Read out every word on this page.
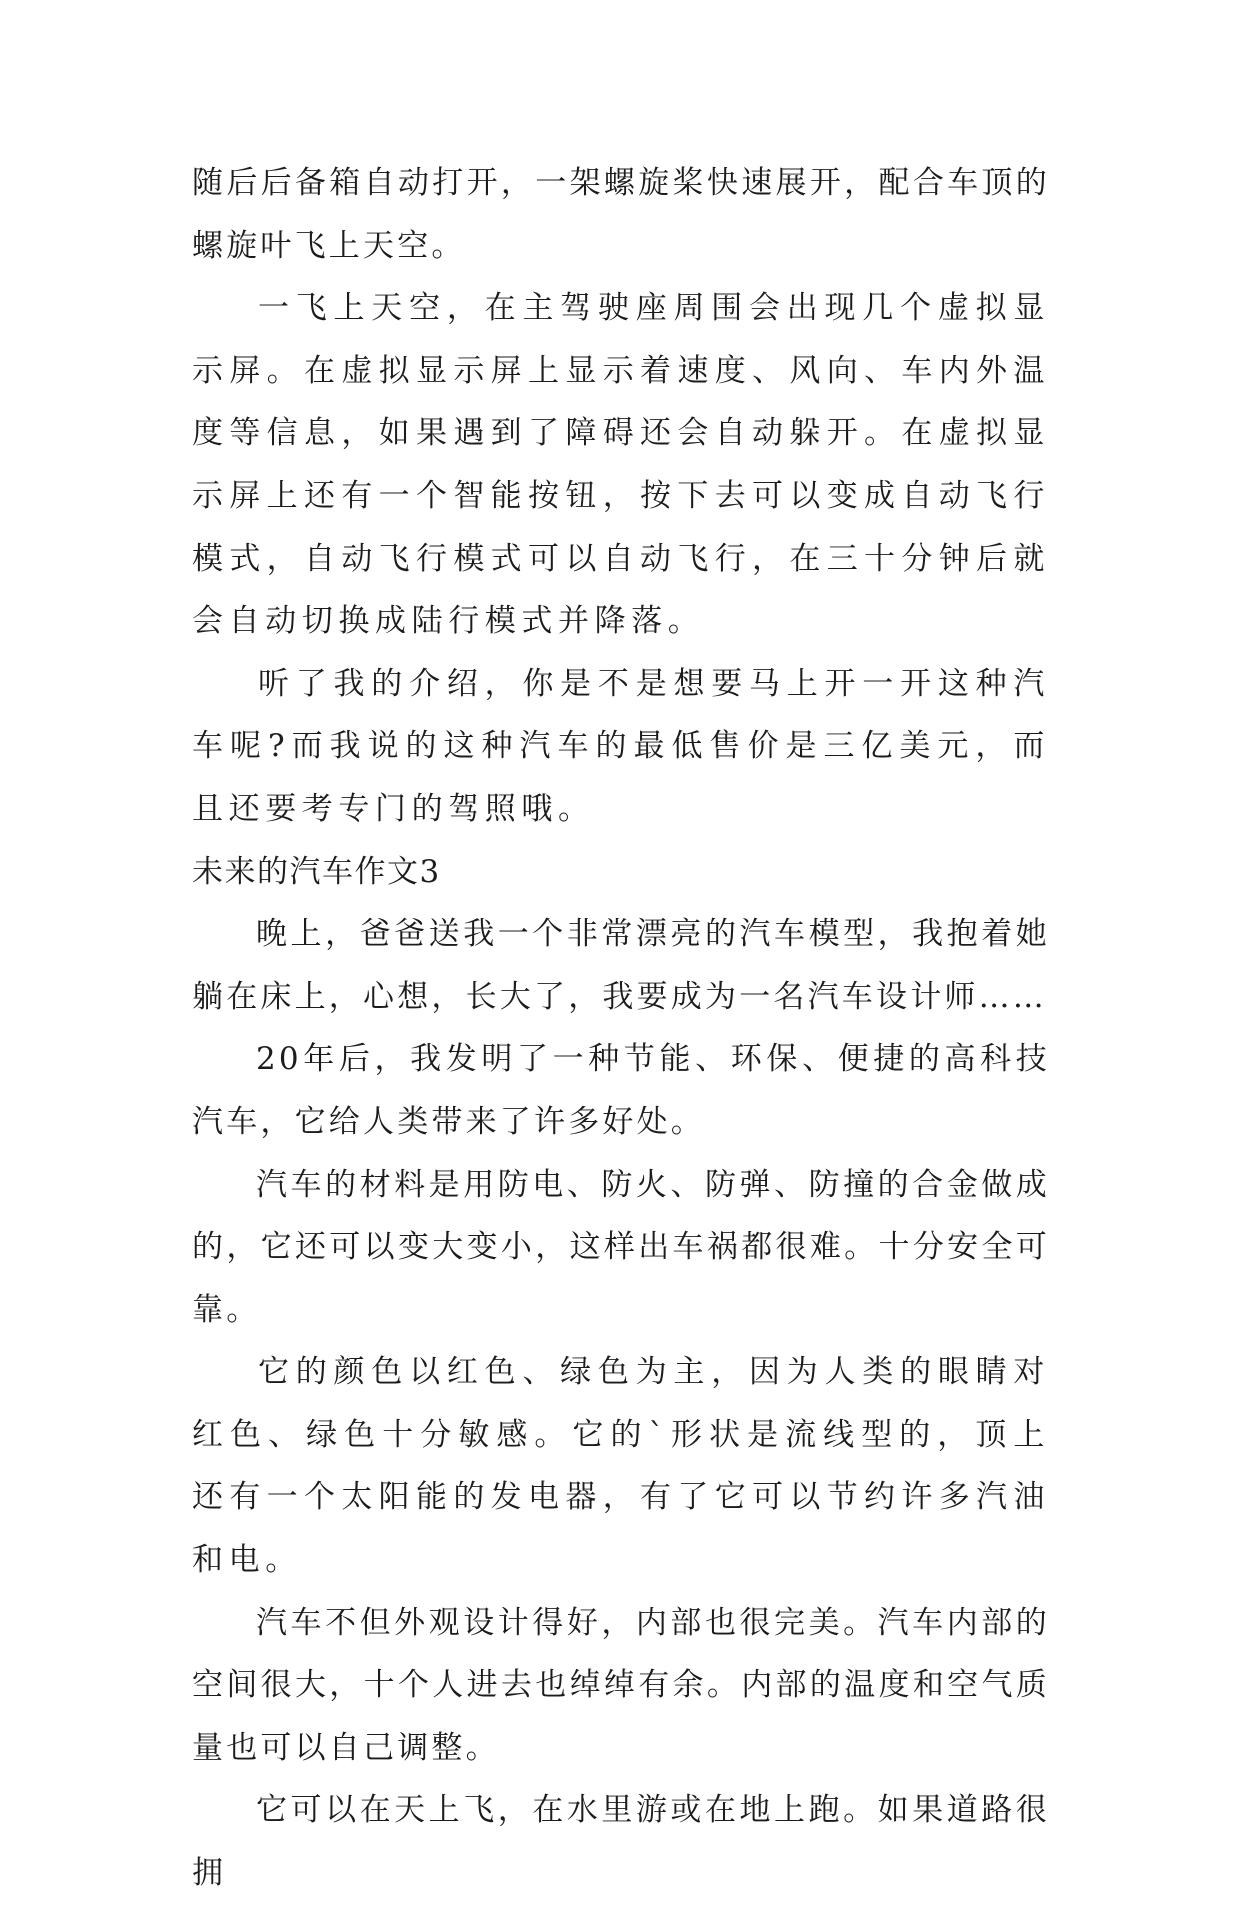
随后后备箱自动打开，一架螺旋桨快速展开，配合车顶的螺旋叶飞上天空。

一飞上天空，在主驾驶座周围会出现几个虚拟显示屏。在虚拟显示屏上显示着速度、风向、车内外温度等信息，如果遇到了障碍还会自动躲开。在虚拟显示屏上还有一个智能按钮，按下去可以变成自动飞行模式，自动飞行模式可以自动飞行，在三十分钟后就会自动切换成陆行模式并降落。

听了我的介绍，你是不是想要马上开一开这种汽车呢?而我说的这种汽车的最低售价是三亿美元，而且还要考专门的驾照哦。

未来的汽车作文3

晚上，爸爸送我一个非常漂亮的汽车模型，我抱着她躺在床上，心想，长大了，我要成为一名汽车设计师……

20年后，我发明了一种节能、环保、便捷的高科技汽车，它给人类带来了许多好处。

汽车的材料是用防电、防火、防弹、防撞的合金做成的，它还可以变大变小，这样出车祸都很难。十分安全可靠。

它的颜色以红色、绿色为主，因为人类的眼睛对红色、绿色十分敏感。它的`形状是流线型的，顶上还有一个太阳能的发电器，有了它可以节约许多汽油和电。

汽车不但外观设计得好，内部也很完美。汽车内部的空间很大，十个人进去也绰绰有余。内部的温度和空气质量也可以自己调整。

它可以在天上飞，在水里游或在地上跑。如果道路很拥
